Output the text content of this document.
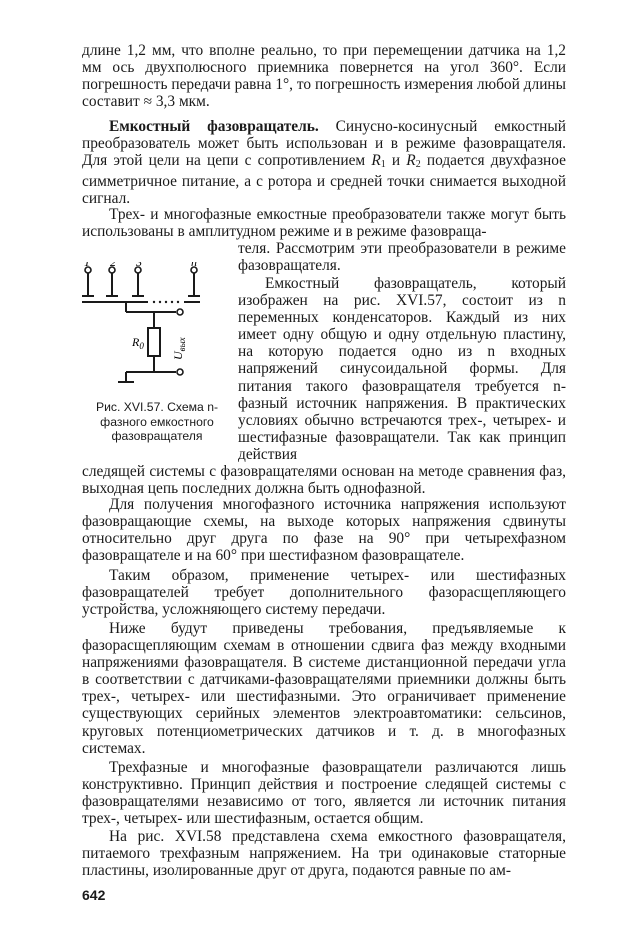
длине 1,2 мм, что вполне реально, то при перемещении датчика на 1,2 мм ось двухполюсного приемника повернется на угол 360°. Если погрешность передачи равна 1°, то погрешность измерения любой длины составит ≈ 3,3 мкм.

Емкостный фазовращатель. Синусно-косинусный емкостный преобразователь может быть использован и в режиме фазовращателя. Для этой цели на цепи с сопротивлением $R_1$ и $R_2$ подается двухфазное симметричное питание, а с ротора и средней точки снимается выходной сигнал.

Трех- и многофазные емкостные преобразователи также могут быть использованы в амплитудном режиме и в режиме фазовраща-

теля. Рассмотрим эти преобразователи в режиме фазовращателя.

Емкостный фазовращатель, который изображен на рис. XVI.57, состоит из n переменных конденсаторов. Каждый из них имеет одну общую и одну отдельную пластину, на которую подается одно из n входных напряжений синусоидальной формы. Для питания такого фазовращателя требуется n-фазный источник напряжения. В практических условиях обычно встречаются трех-, четырех- и шестифазные фазовращатели. Так как принцип действия

следящей системы с фазовращателями основан на методе сравнения фаз, выходная цепь последних должна быть однофазной.

1 2 3	n
$R_0$
$U_{вых}$

Рис. XVI.57. Схема n-фазного емкостного фазовращателя

Для получения многофазного источника напряжения используют фазовращающие схемы, на выходе которых напряжения сдвинуты относительно друг друга по фазе на 90° при четырехфазном фазовращателе и на 60° при шестифазном фазовращателе.

Таким образом, применение четырех- или шестифазных фазовращателей требует дополнительного фазорасщепляющего устройства, усложняющего систему передачи.

Ниже будут приведены требования, предъявляемые к фазорасщепляющим схемам в отношении сдвига фаз между входными напряжениями фазовращателя. В системе дистанционной передачи угла в соответствии с датчиками-фазовращателями приемники должны быть трех-, четырех- или шестифазными. Это ограничивает применение существующих серийных элементов электроавтоматики: сельсинов, круговых потенциометрических датчиков и т. д. в многофазных системах.

Трехфазные и многофазные фазовращатели различаются лишь конструктивно. Принцип действия и построение следящей системы с фазовращателями независимо от того, является ли источник питания трех-, четырех- или шестифазным, остается общим.

На рис. XVI.58 представлена схема емкостного фазовращателя, питаемого трехфазным напряжением. На три одинаковые статорные пластины, изолированные друг от друга, подаются равные по ам-

642
